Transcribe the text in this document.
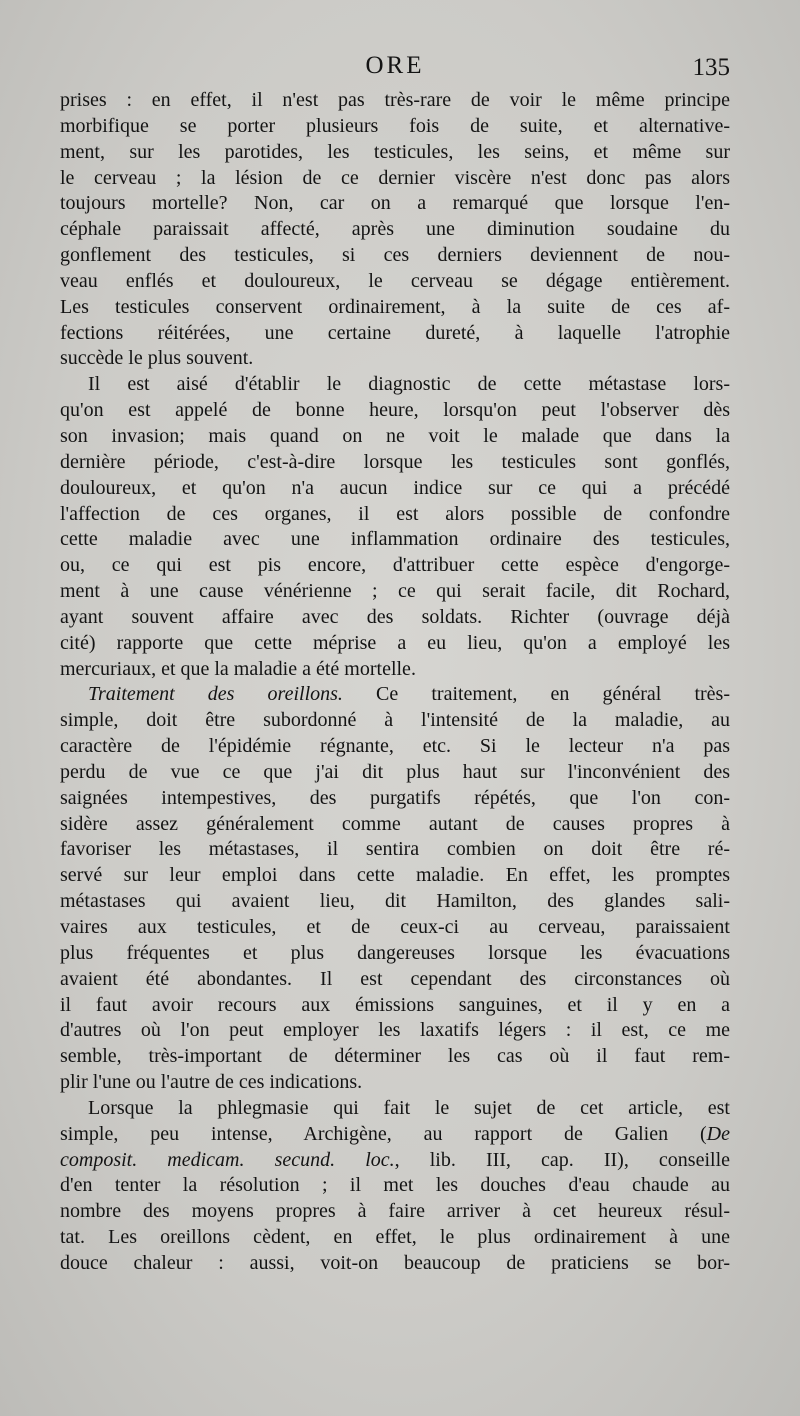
ORE	135
prises : en effet, il n'est pas très-rare de voir le même principe
morbifique se porter plusieurs fois de suite, et alternative-
ment, sur les parotides, les testicules, les seins, et même sur
le cerveau ; la lésion de ce dernier viscère n'est donc pas alors
toujours mortelle? Non, car on a remarqué que lorsque l'en-
céphale paraissait affecté, après une diminution soudaine du
gonflement des testicules, si ces derniers deviennent de nou-
veau enflés et douloureux, le cerveau se dégage entièrement.
Les testicules conservent ordinairement, à la suite de ces af-
fections réitérées, une certaine dureté, à laquelle l'atrophie
succède le plus souvent.
Il est aisé d'établir le diagnostic de cette métastase lors-
qu'on est appelé de bonne heure, lorsqu'on peut l'observer dès
son invasion; mais quand on ne voit le malade que dans la
dernière période, c'est-à-dire lorsque les testicules sont gonflés,
douloureux, et qu'on n'a aucun indice sur ce qui a précédé
l'affection de ces organes, il est alors possible de confondre
cette maladie avec une inflammation ordinaire des testicules,
ou, ce qui est pis encore, d'attribuer cette espèce d'engorge-
ment à une cause vénérienne ; ce qui serait facile, dit Rochard,
ayant souvent affaire avec des soldats. Richter (ouvrage déjà
cité) rapporte que cette méprise a eu lieu, qu'on a employé les
mercuriaux, et que la maladie a été mortelle.
Traitement des oreillons. Ce traitement, en général très-
simple, doit être subordonné à l'intensité de la maladie, au
caractère de l'épidémie régnante, etc. Si le lecteur n'a pas
perdu de vue ce que j'ai dit plus haut sur l'inconvénient des
saignées intempestives, des purgatifs répétés, que l'on con-
sidère assez généralement comme autant de causes propres à
favoriser les métastases, il sentira combien on doit être ré-
servé sur leur emploi dans cette maladie. En effet, les promptes
métastases qui avaient lieu, dit Hamilton, des glandes sali-
vaires aux testicules, et de ceux-ci au cerveau, paraissaient
plus fréquentes et plus dangereuses lorsque les évacuations
avaient été abondantes. Il est cependant des circonstances où
il faut avoir recours aux émissions sanguines, et il y en a
d'autres où l'on peut employer les laxatifs légers : il est, ce me
semble, très-important de déterminer les cas où il faut rem-
plir l'une ou l'autre de ces indications.
Lorsque la phlegmasie qui fait le sujet de cet article, est
simple, peu intense, Archigène, au rapport de Galien (De
composit. medicam. secund. loc., lib. III, cap. II), conseille
d'en tenter la résolution ; il met les douches d'eau chaude au
nombre des moyens propres à faire arriver à cet heureux résul-
tat. Les oreillons cèdent, en effet, le plus ordinairement à une
douce chaleur : aussi, voit-on beaucoup de praticiens se bor-
